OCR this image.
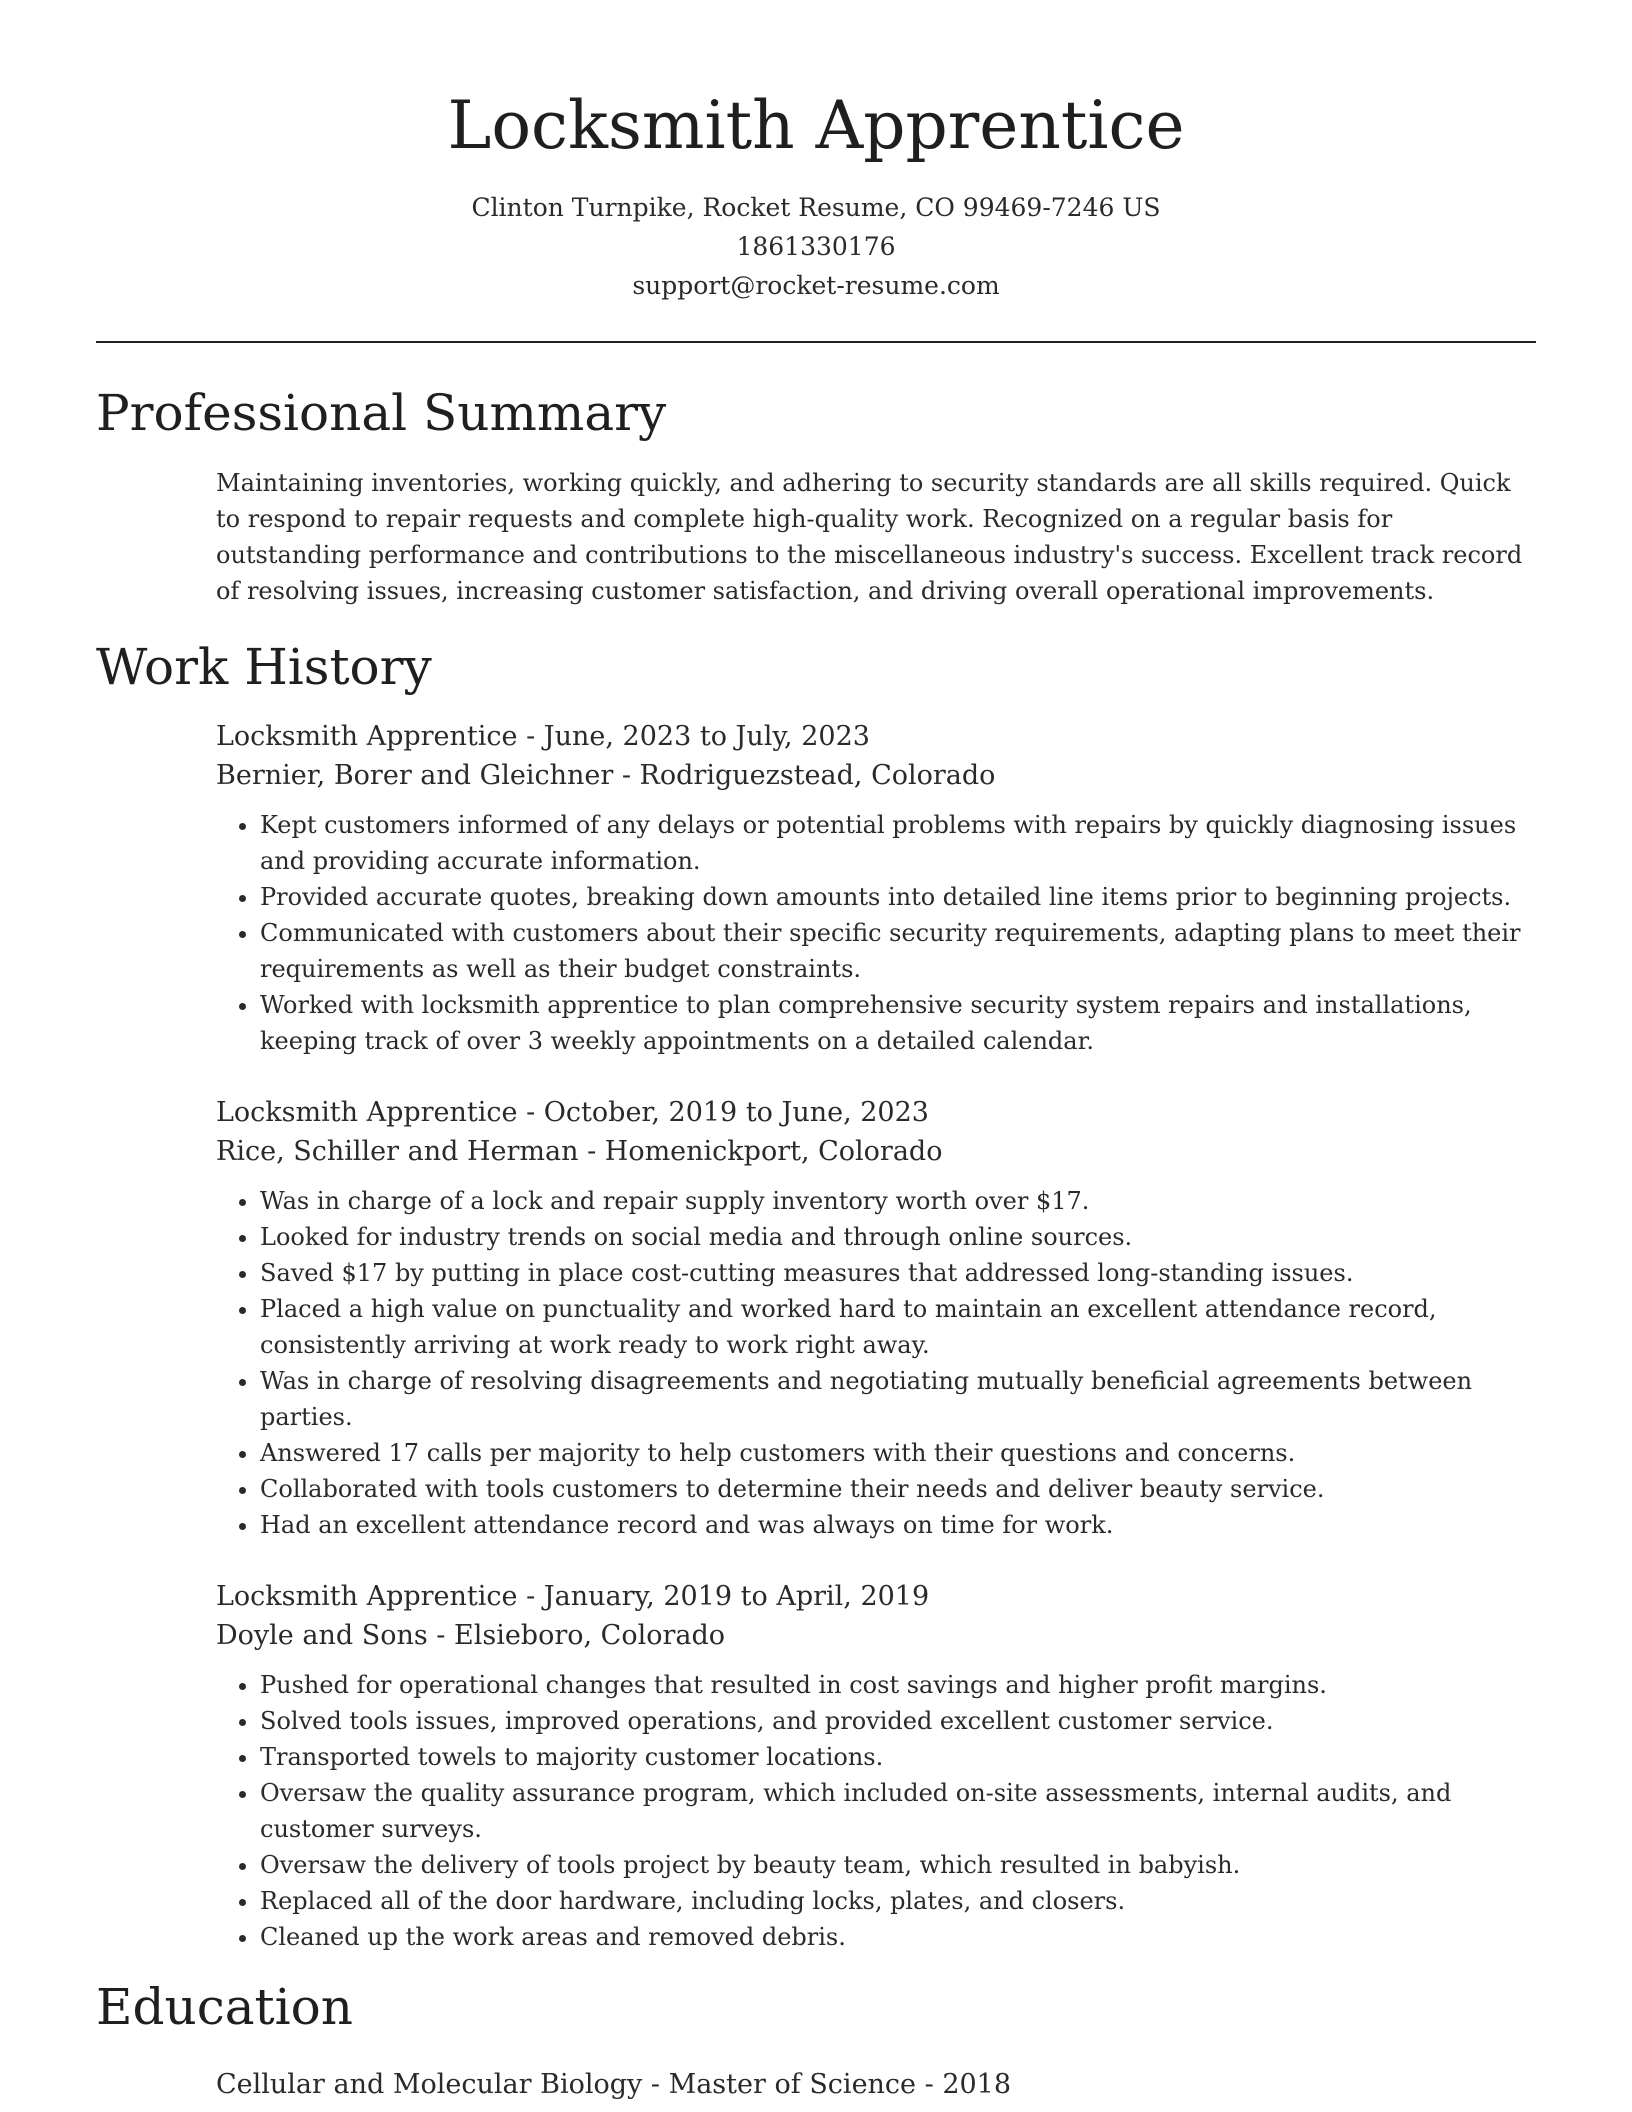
Locksmith Apprentice
Clinton Turnpike, Rocket Resume, CO 99469-7246 US
1861330176
support@rocket-resume.com
Professional Summary

Maintaining inventories, working quickly, and adhering to security standards are all skills required. Quick to respond to repair requests and complete high-quality work. Recognized on a regular basis for outstanding performance and contributions to the miscellaneous industry's success. Excellent track record of resolving issues, increasing customer satisfaction, and driving overall operational improvements.

Work History
Locksmith Apprentice - June, 2023 to July, 2023
Bernier, Borer and Gleichner - Rodriguezstead, Colorado
• Kept customers informed of any delays or potential problems with repairs by quickly diagnosing issues and providing accurate information.
• Provided accurate quotes, breaking down amounts into detailed line items prior to beginning projects.
• Communicated with customers about their specific security requirements, adapting plans to meet their requirements as well as their budget constraints.
• Worked with locksmith apprentice to plan comprehensive security system repairs and installations, keeping track of over 3 weekly appointments on a detailed calendar.
Locksmith Apprentice - October, 2019 to June, 2023
Rice, Schiller and Herman - Homenickport, Colorado
• Was in charge of a lock and repair supply inventory worth over $17.
• Looked for industry trends on social media and through online sources.
• Saved $17 by putting in place cost-cutting measures that addressed long-standing issues.
• Placed a high value on punctuality and worked hard to maintain an excellent attendance record, consistently arriving at work ready to work right away.
• Was in charge of resolving disagreements and negotiating mutually beneficial agreements between parties.
• Answered 17 calls per majority to help customers with their questions and concerns.
• Collaborated with tools customers to determine their needs and deliver beauty service.
• Had an excellent attendance record and was always on time for work.
Locksmith Apprentice - January, 2019 to April, 2019
Doyle and Sons - Elsieboro, Colorado
• Pushed for operational changes that resulted in cost savings and higher profit margins.
• Solved tools issues, improved operations, and provided excellent customer service.
• Transported towels to majority customer locations.
• Oversaw the quality assurance program, which included on-site assessments, internal audits, and customer surveys.
• Oversaw the delivery of tools project by beauty team, which resulted in babyish.
• Replaced all of the door hardware, including locks, plates, and closers.
• Cleaned up the work areas and removed debris.
Education
Cellular and Molecular Biology - Master of Science - 2018
